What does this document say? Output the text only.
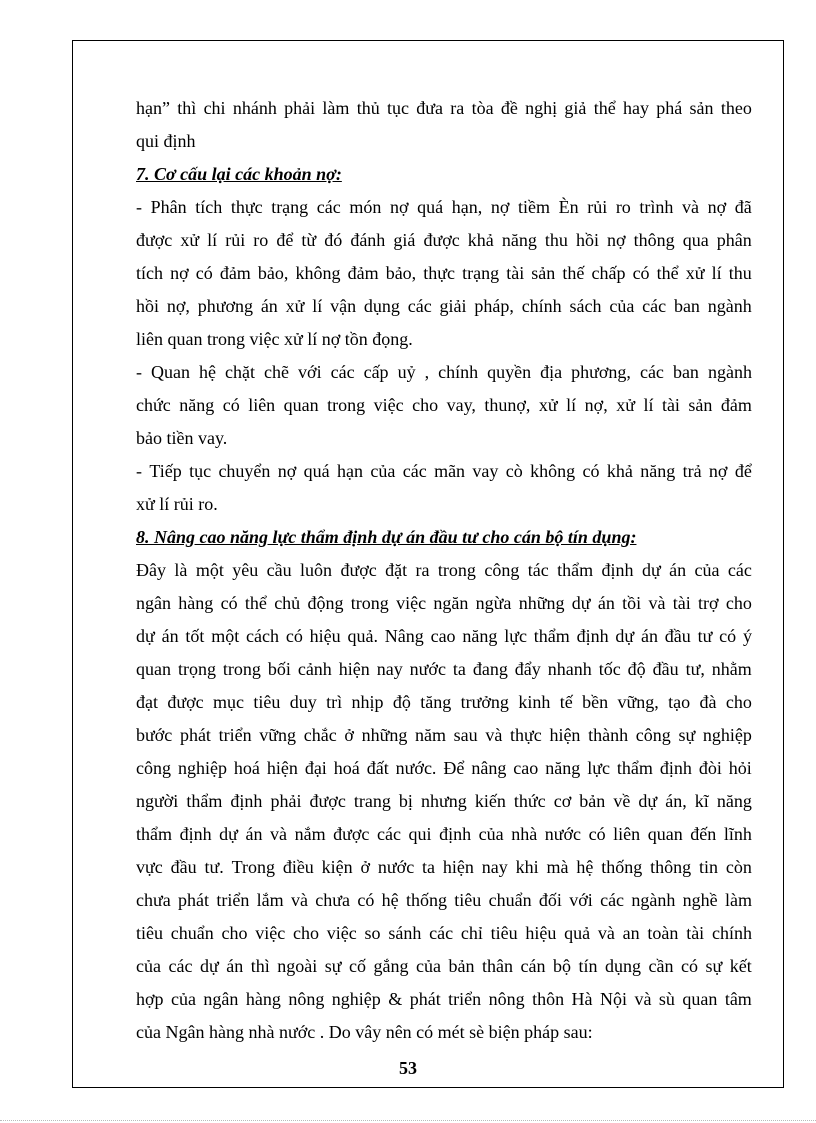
hạn” thì chi nhánh phải làm thủ tục đưa ra tòa đề nghị giả thể hay phá sản theo
qui định
7. Cơ cấu lại các khoản nợ:
- Phân tích thực trạng các món nợ quá hạn, nợ tiềm Èn rủi ro trình và nợ đã
được xử lí rủi ro để từ đó đánh giá được khả năng thu hồi nợ thông qua phân
tích nợ có đảm bảo, không đảm bảo, thực trạng tài sản thế chấp có thể xử lí thu
hồi nợ, phương án xử lí vận dụng các giải pháp, chính sách của các ban ngành
liên quan trong việc xử lí nợ tồn đọng.
- Quan hệ chặt chẽ với các cấp uỷ , chính quyền địa phương, các ban ngành
chức năng có liên quan trong việc cho vay, thunợ, xử lí nợ, xử lí tài sản đảm
bảo tiền vay.
- Tiếp tục chuyển nợ quá hạn của các mãn vay cò không có khả năng trả nợ để
xử lí rủi ro.
8. Nâng cao năng lực thẩm định dự án đầu tư cho cán bộ tín dụng:
Đây là một yêu cầu luôn được đặt ra trong công tác thẩm định dự án của các
ngân hàng có thể chủ động trong việc ngăn ngừa những dự án tồi và tài trợ cho
dự án tốt một cách có hiệu quả. Nâng cao năng lực thẩm định dự án đầu tư có ý
quan trọng trong bối cảnh hiện nay nước ta đang đẩy nhanh tốc độ đầu tư, nhằm
đạt được mục tiêu duy trì nhịp độ tăng trưởng kinh tế bền vững, tạo đà cho
bước phát triển vững chắc ở những năm sau và thực hiện thành công sự nghiệp
công nghiệp hoá hiện đại hoá đất nước. Để nâng cao năng lực thẩm định đòi hỏi
người thẩm định phải được trang bị nhưng kiến thức cơ bản về dự án, kĩ năng
thẩm định dự án và nắm được các qui định của nhà nước có liên quan đến lĩnh
vực đầu tư. Trong điều kiện ở nước ta hiện nay khi mà hệ thống thông tin còn
chưa phát triển lắm và chưa có hệ thống tiêu chuẩn đối với các ngành nghề làm
tiêu chuẩn cho việc cho việc so sánh các chỉ tiêu hiệu quả và an toàn tài chính
của các dự án thì ngoài sự cố gắng của bản thân cán bộ tín dụng cần có sự kết
hợp của ngân hàng nông nghiệp & phát triển nông thôn Hà Nội và sù quan tâm
của Ngân hàng nhà nước . Do vây nên có mét sè biện pháp sau:
53
